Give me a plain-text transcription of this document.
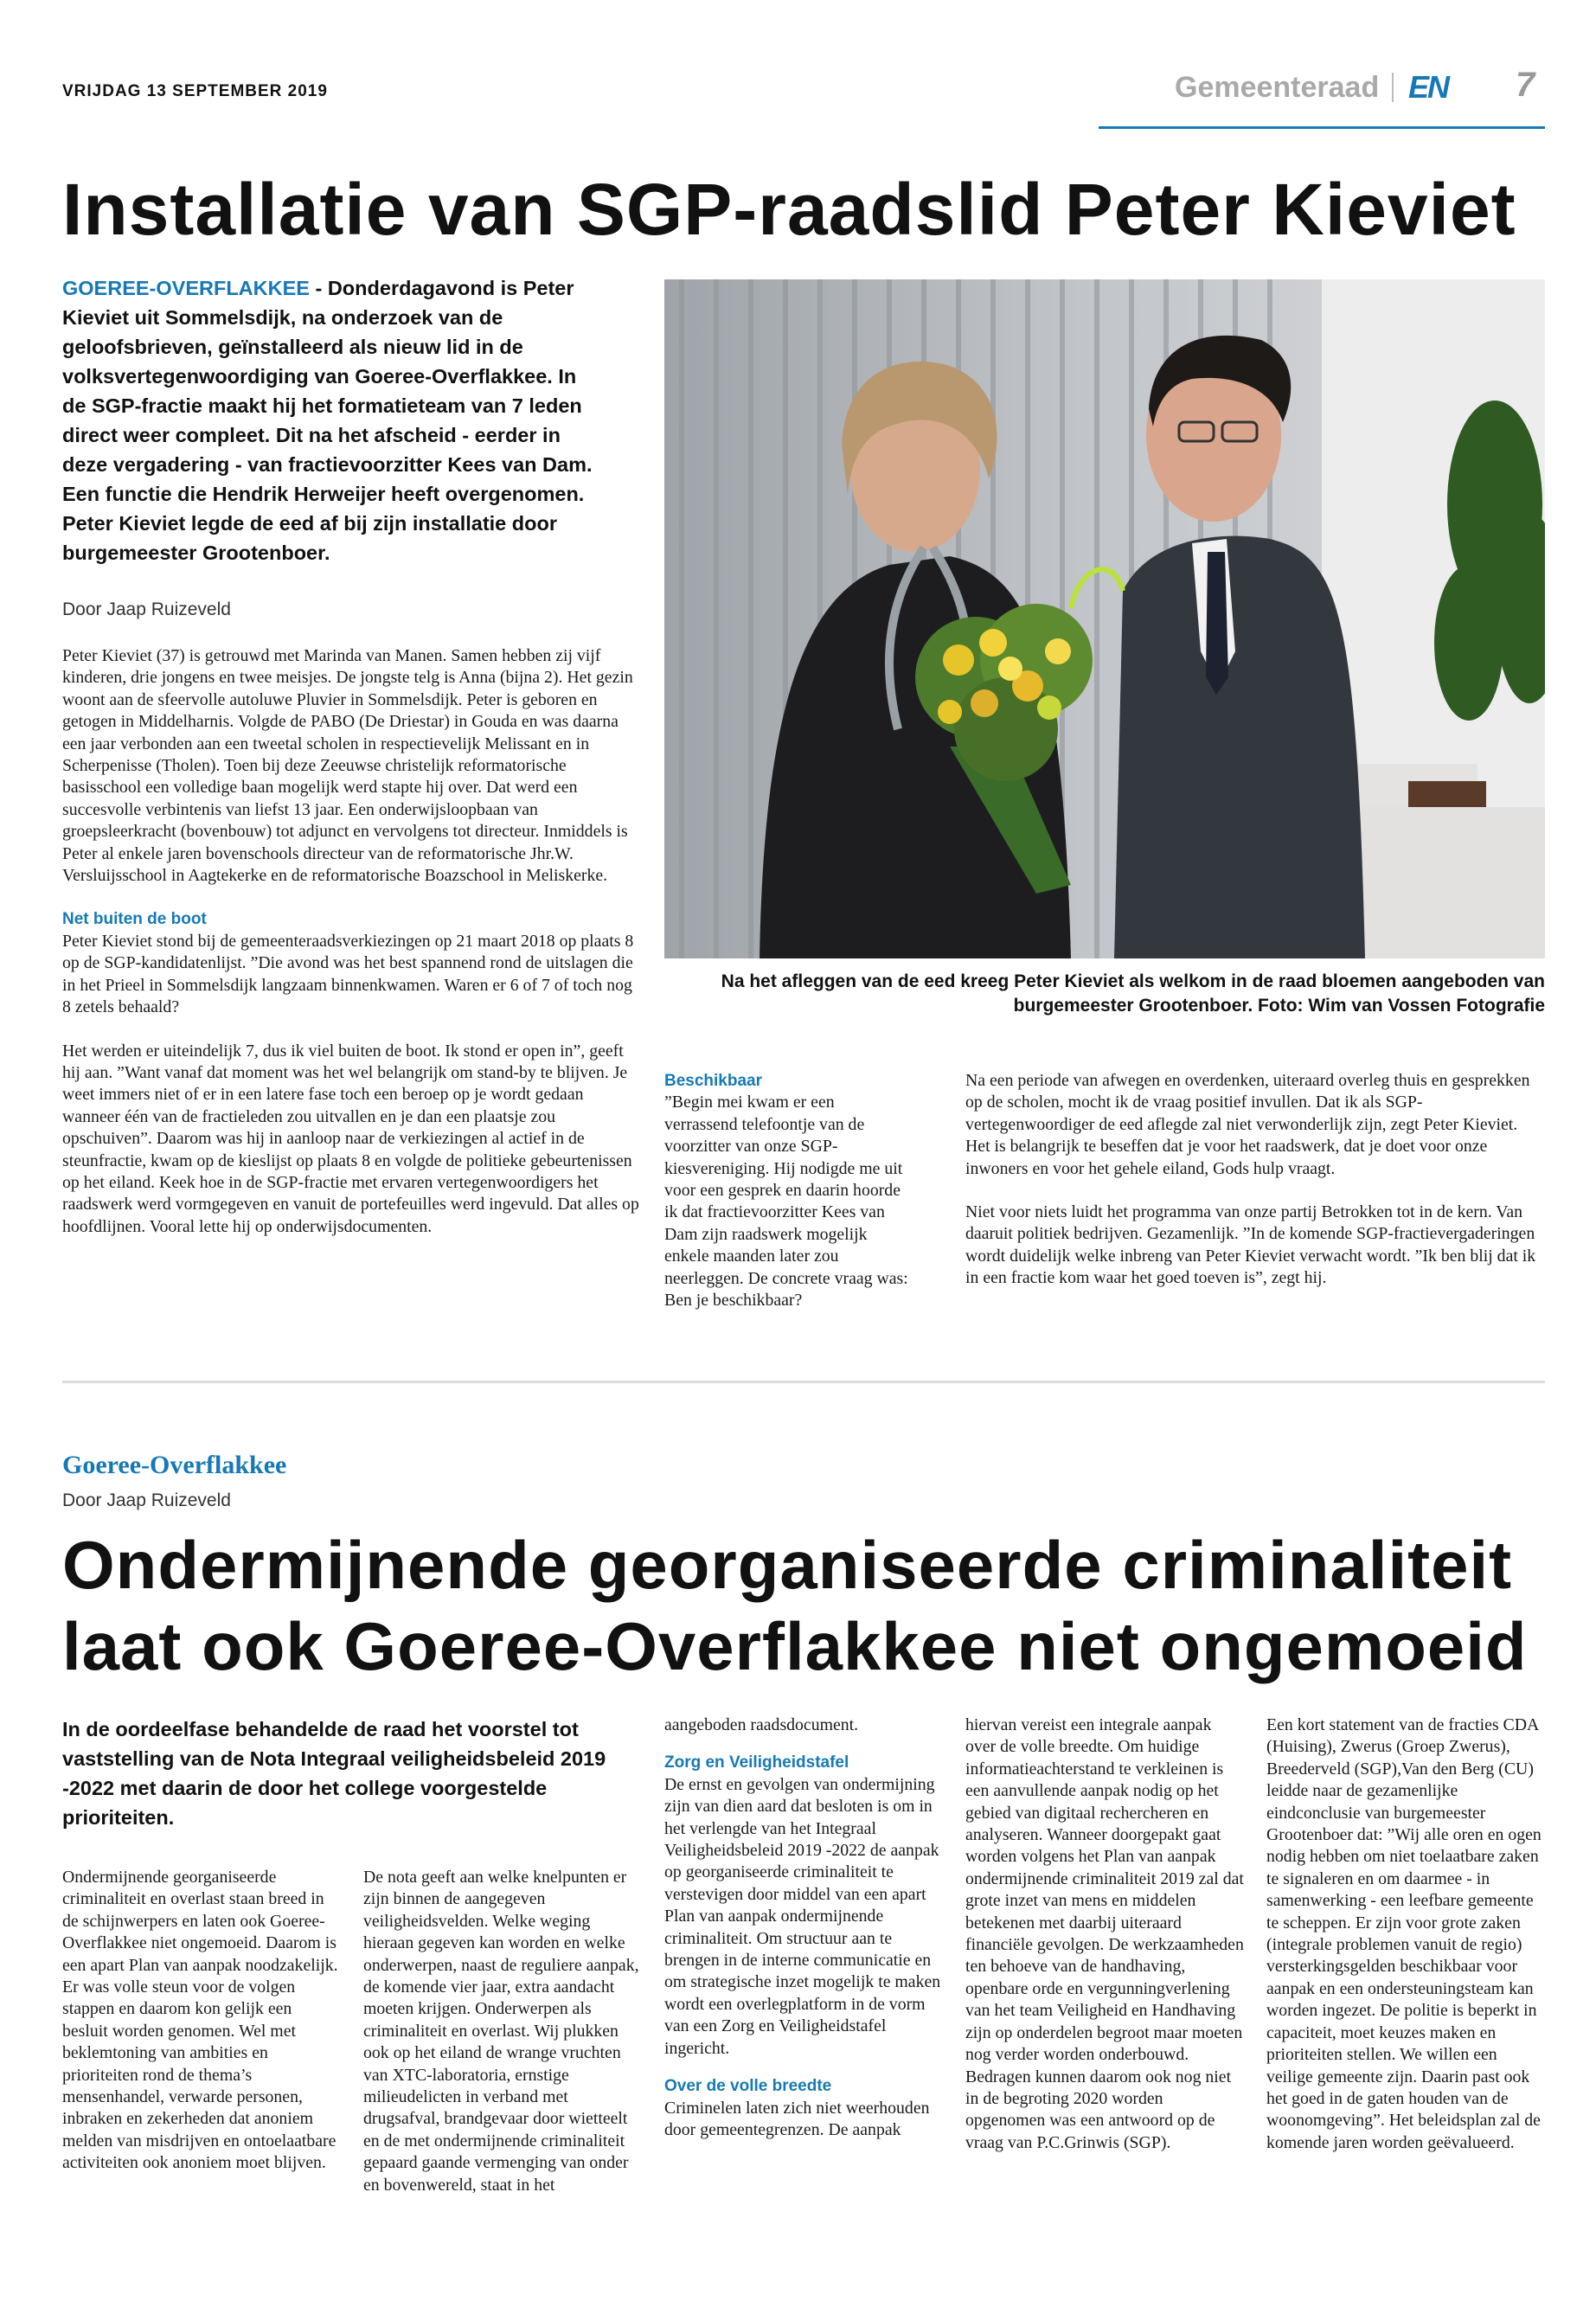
VRIJDAG 13 SEPTEMBER 2019	Gemeenteraad EN 7
Installatie van SGP-raadslid Peter Kieviet
GOEREE-OVERFLAKKEE - Donderdagavond is Peter Kieviet uit Sommelsdijk, na onderzoek van de geloofsbrieven, geïnstalleerd als nieuw lid in de volksvertegenwoordiging van Goeree-Overflakkee. In de SGP-fractie maakt hij het formatieteam van 7 leden direct weer compleet. Dit na het afscheid - eerder in deze vergadering - van fractievoorzitter Kees van Dam. Een functie die Hendrik Herweijer heeft overgenomen. Peter Kieviet legde de eed af bij zijn installatie door burgemeester Grootenboer.
Door Jaap Ruizeveld

Peter Kieviet (37) is getrouwd met Marinda van Manen. Samen hebben zij vijf kinderen, drie jongens en twee meisjes. De jongste telg is Anna (bijna 2). Het gezin woont aan de sfeervolle autoluwe Pluvier in Sommelsdijk. Peter is geboren en getogen in Middelharnis. Volgde de PABO (De Driestar) in Gouda en was daarna een jaar verbonden aan een tweetal scholen in respectievelijk Melissant en in Scherpenisse (Tholen). Toen bij deze Zeeuwse christelijk reformatorische basisschool een volledige baan mogelijk werd stapte hij over. Dat werd een succesvolle verbintenis van liefst 13 jaar. Een onderwijsloopbaan van groepsleerkracht (bovenbouw) tot adjunct en vervolgens tot directeur. Inmiddels is Peter al enkele jaren bovenschools directeur van de reformatorische Jhr.W. Versluijsschool in Aagtekerke en de reformatorische Boazschool in Meliskerke.

Net buiten de boot

Peter Kieviet stond bij de gemeenteraadsverkiezingen op 21 maart 2018 op plaats 8 op de SGP-kandidatenlijst. ”Die avond was het best spannend rond de uitslagen die in het Prieel in Sommelsdijk langzaam binnenkwamen. Waren er 6 of 7 of toch nog 8 zetels behaald?

Het werden er uiteindelijk 7, dus ik viel buiten de boot. Ik stond er open in”, geeft hij aan. ”Want vanaf dat moment was het wel belangrijk om stand-by te blijven. Je weet immers niet of er in een latere fase toch een beroep op je wordt gedaan wanneer één van de fractieleden zou uitvallen en je dan een plaatsje zou opschuiven”. Daarom was hij in aanloop naar de verkiezingen al actief in de steunfractie, kwam op de kieslijst op plaats 8 en volgde de politieke gebeurtenissen op het eiland. Keek hoe in de SGP-fractie met ervaren vertegenwoordigers het raadswerk werd vormgegeven en vanuit de portefeuilles werd ingevuld. Dat alles op hoofdlijnen. Vooral lette hij op onderwijsdocumenten.

Na het afleggen van de eed kreeg Peter Kieviet als welkom in de raad bloemen aangeboden van burgemeester Grootenboer. Foto: Wim van Vossen Fotografie
Beschikbaar

”Begin mei kwam er een verrassend telefoontje van de voorzitter van onze SGP-kiesvereniging. Hij nodigde me uit voor een gesprek en daarin hoorde ik dat fractievoorzitter Kees van Dam zijn raadswerk mogelijk enkele maanden later zou neerleggen. De concrete vraag was: Ben je beschikbaar?

Na een periode van afwegen en overdenken, uiteraard overleg thuis en gesprekken op de scholen, mocht ik de vraag positief invullen. Dat ik als SGP-vertegenwoordiger de eed aflegde zal niet verwonderlijk zijn, zegt Peter Kieviet. Het is belangrijk te beseffen dat je voor het raadswerk, dat je doet voor onze inwoners en voor het gehele eiland, Gods hulp vraagt.

Niet voor niets luidt het programma van onze partij Betrokken tot in de kern. Van daaruit politiek bedrijven. Gezamenlijk. ”In de komende SGP-fractievergaderingen wordt duidelijk welke inbreng van Peter Kieviet verwacht wordt. ”Ik ben blij dat ik in een fractie kom waar het goed toeven is”, zegt hij.

Goeree-Overflakkee
Door Jaap Ruizeveld
Ondermijnende georganiseerde criminaliteit
laat ook Goeree-Overflakkee niet ongemoeid
In de oordeelfase behandelde de raad het voorstel tot vaststelling van de Nota Integraal veiligheidsbeleid 2019 -2022 met daarin de door het college voorgestelde prioriteiten.

Ondermijnende georganiseerde criminaliteit en overlast staan breed in de schijnwerpers en laten ook Goeree-Overflakkee niet ongemoeid. Daarom is een apart Plan van aanpak noodzakelijk. Er was volle steun voor de volgen stappen en daarom kon gelijk een besluit worden genomen. Wel met beklemtoning van ambities en prioriteiten rond de thema’s mensenhandel, verwarde personen, inbraken en zekerheden dat anoniem melden van misdrijven en ontoelaatbare activiteiten ook anoniem moet blijven.

De nota geeft aan welke knelpunten er zijn binnen de aangegeven veiligheidsvelden. Welke weging hieraan gegeven kan worden en welke onderwerpen, naast de reguliere aanpak, de komende vier jaar, extra aandacht moeten krijgen. Onderwerpen als criminaliteit en overlast. Wij plukken ook op het eiland de wrange vruchten van XTC-laboratoria, ernstige milieudelicten in verband met drugsafval, brandgevaar door wietteelt en de met ondermijnende criminaliteit gepaard gaande vermenging van onder en bovenwereld, staat in het

aangeboden raadsdocument.

Zorg en Veiligheidstafel

De ernst en gevolgen van ondermijning zijn van dien aard dat besloten is om in het verlengde van het Integraal Veiligheidsbeleid 2019 -2022 de aanpak op georganiseerde criminaliteit te verstevigen door middel van een apart Plan van aanpak ondermijnende criminaliteit. Om structuur aan te brengen in de interne communicatie en om strategische inzet mogelijk te maken wordt een overlegplatform in de vorm van een Zorg en Veiligheidstafel ingericht.

Over de volle breedte

Criminelen laten zich niet weerhouden door gemeentegrenzen. De aanpak

hiervan vereist een integrale aanpak over de volle breedte. Om huidige informatieachterstand te verkleinen is een aanvullende aanpak nodig op het gebied van digitaal rechercheren en analyseren. Wanneer doorgepakt gaat worden volgens het Plan van aanpak ondermijnende criminaliteit 2019 zal dat grote inzet van mens en middelen betekenen met daarbij uiteraard financiële gevolgen. De werkzaamheden ten behoeve van de handhaving, openbare orde en vergunningverlening van het team Veiligheid en Handhaving zijn op onderdelen begroot maar moeten nog verder worden onderbouwd. Bedragen kunnen daarom ook nog niet in de begroting 2020 worden opgenomen was een antwoord op de vraag van P.C.Grinwis (SGP).

Een kort statement van de fracties CDA (Huising), Zwerus (Groep Zwerus), Breederveld (SGP),Van den Berg (CU) leidde naar de gezamenlijke eindconclusie van burgemeester Grootenboer dat: ”Wij alle oren en ogen nodig hebben om niet toelaatbare zaken te signaleren en om daarmee - in samenwerking - een leefbare gemeente te scheppen. Er zijn voor grote zaken (integrale problemen vanuit de regio) versterkingsgelden beschikbaar voor aanpak en een ondersteuningsteam kan worden ingezet. De politie is beperkt in capaciteit, moet keuzes maken en prioriteiten stellen. We willen een veilige gemeente zijn. Daarin past ook het goed in de gaten houden van de woonomgeving”. Het beleidsplan zal de komende jaren worden geëvalueerd.
